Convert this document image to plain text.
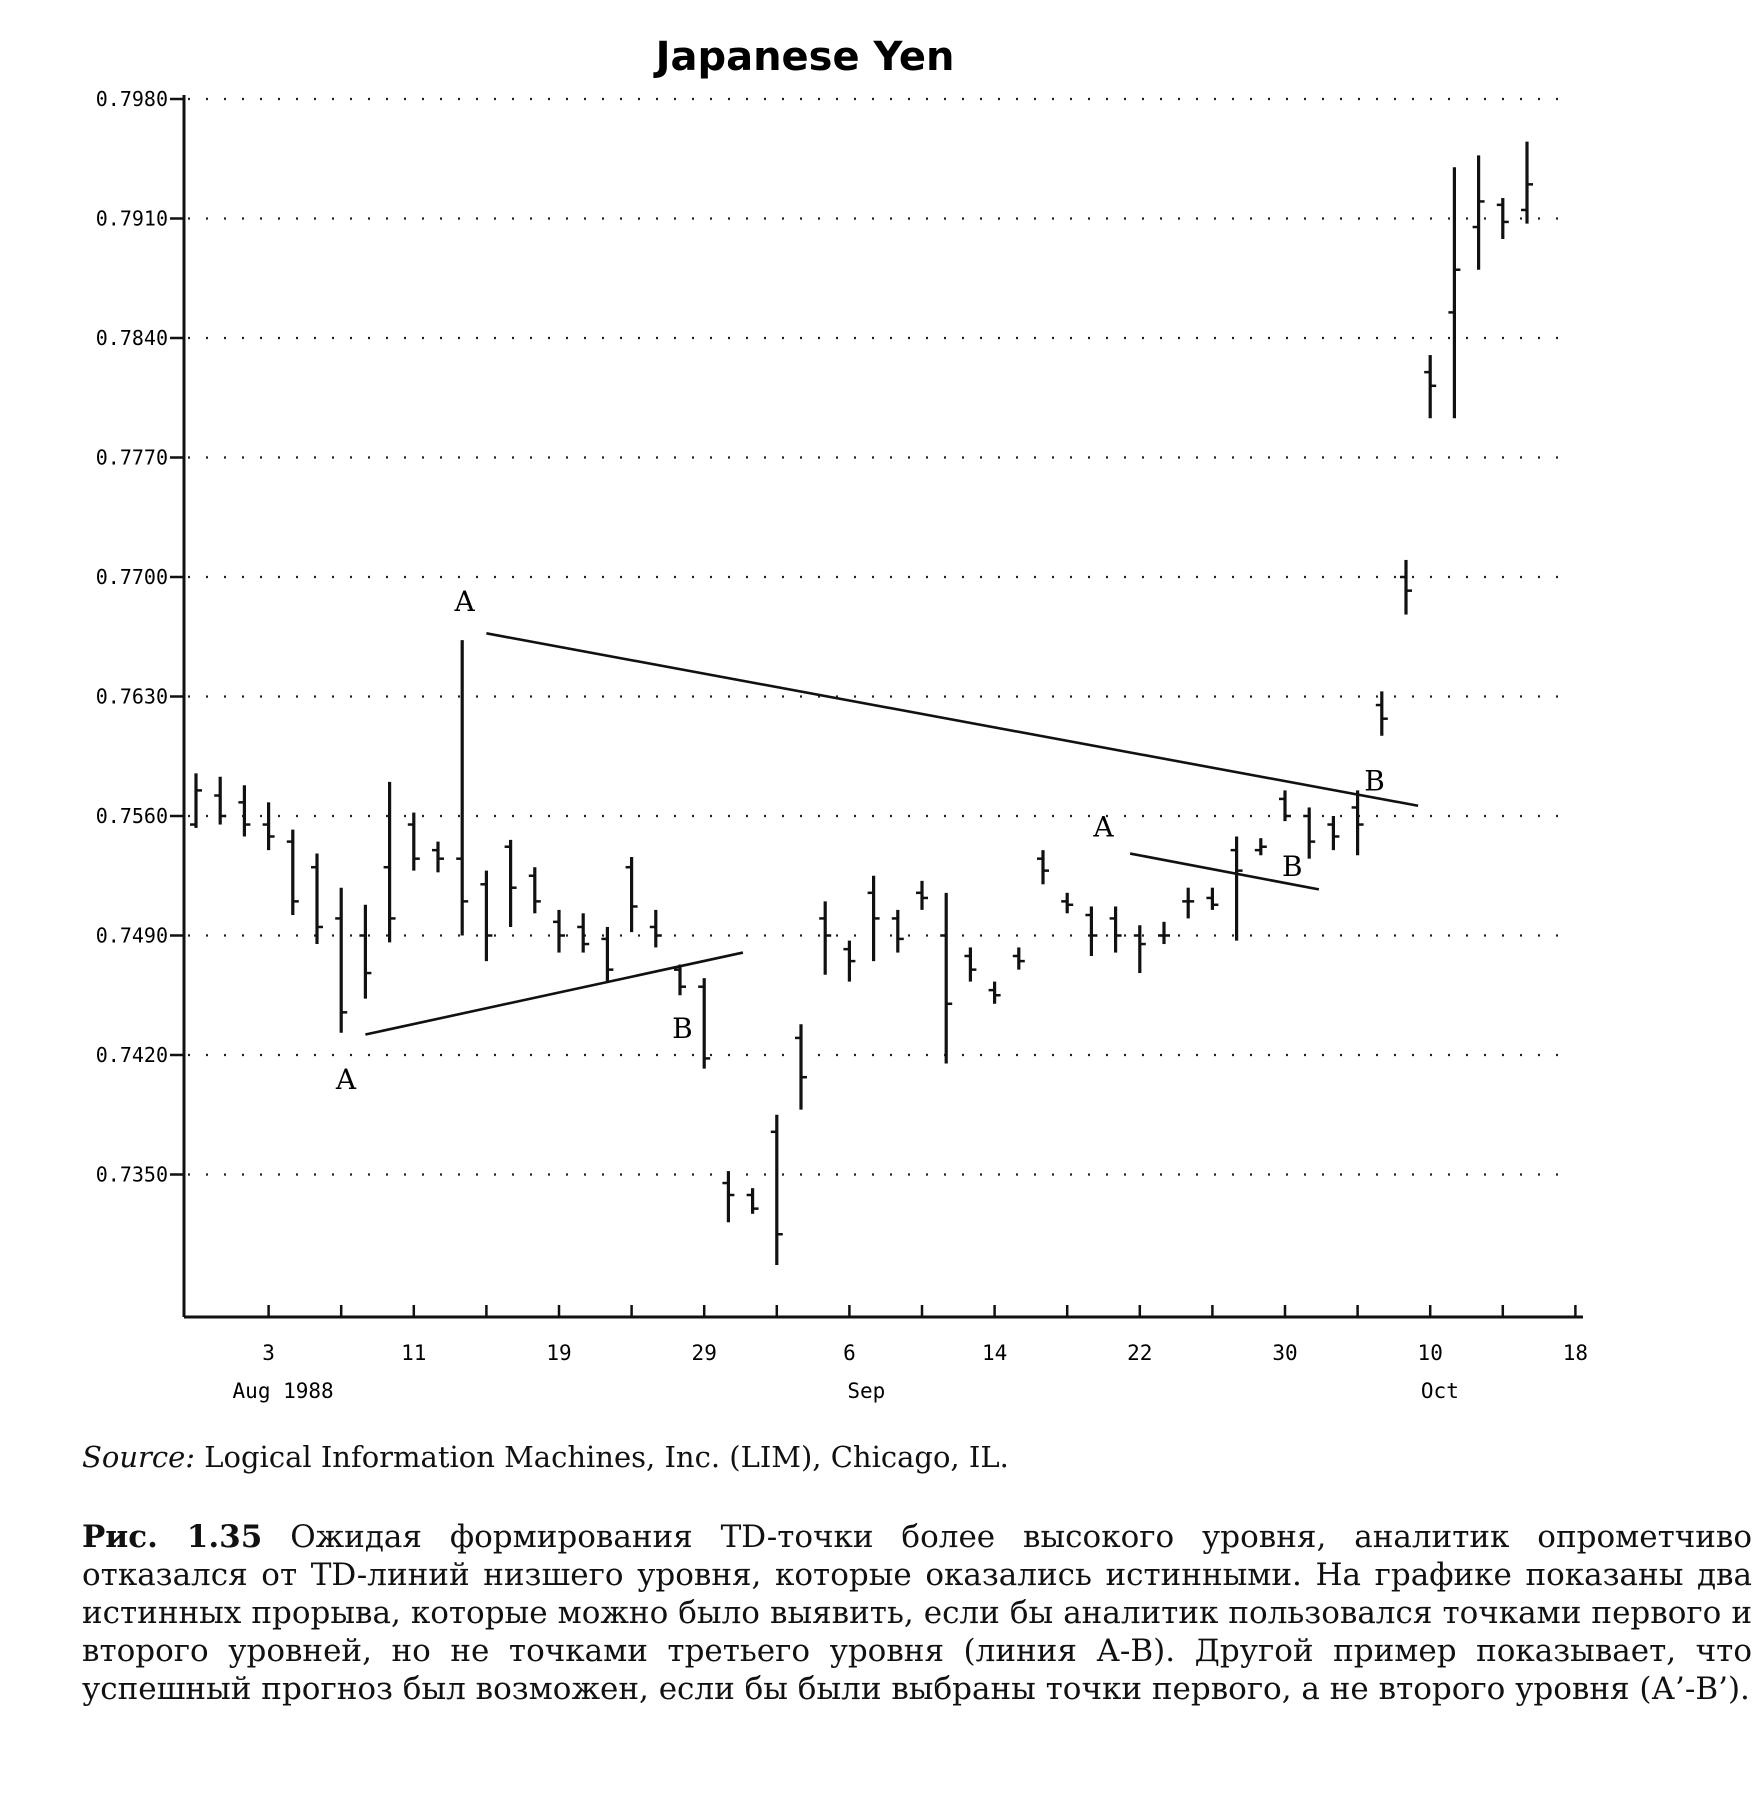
Japanese Yen
0.7980
0.7910
0.7840
0.7770
0.7700
0.7630
0.7560
0.7490
0.7420
0.7350
3	11	19	29	6	14	22	30	10	18
Aug 1988	Sep	Oct
A
B
A
B
A
B
Source: Logical Information Machines, Inc. (LIM), Chicago, IL.
Рис. 1.35 Ожидая формирования TD-точки более высокого уровня, аналитик опрометчиво отказался от TD-линий низшего уровня, которые оказались истинными. На графике показаны два истинных прорыва, которые можно было выявить, если бы аналитик пользовался точками первого и второго уровней, но не точками третьего уровня (линия А-В). Другой пример показывает, что успешный прогноз был возможен, если бы были выбраны точки первого, а не второго уровня (А’-В’).
